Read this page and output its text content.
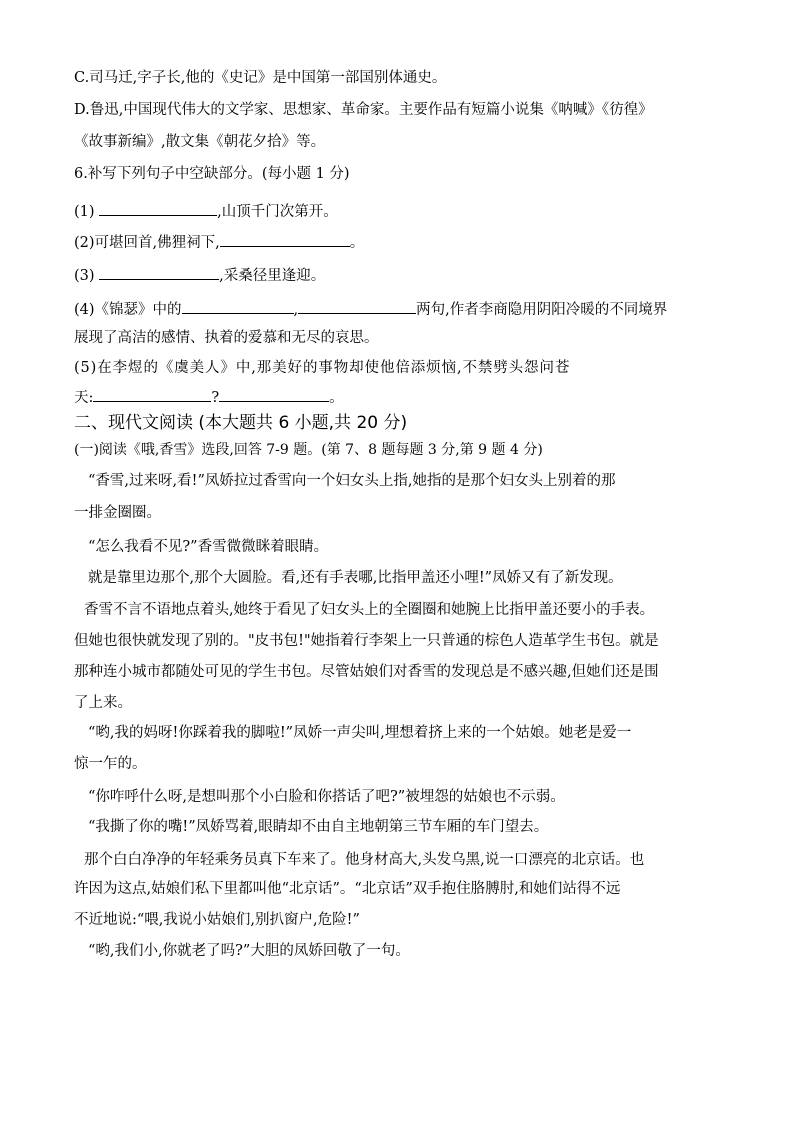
C.司马迁,字子长,他的《史记》是中国第一部国别体通史。
D.鲁迅,中国现代伟大的文学家、思想家、革命家。主要作品有短篇小说集《呐喊》《彷徨》
《故事新编》,散文集《朝花夕拾》等。
6.补写下列句子中空缺部分。(每小题 1 分)
(1)	,山顶千门次第开。
(2)可堪回首,佛狸祠下,	。
(3)	,采桑径里逢迎。
(4)《锦瑟》中的	,	两句,作者李商隐用阴阳冷暖的不同境界
展现了高洁的感情、执着的爱慕和无尽的哀思。
(5)在李煜的《虞美人》中,那美好的事物却使他倍添烦恼,不禁劈头怨问苍
天:	?	。
二、现代文阅读 (本大题共 6 小题,共 20 分)
(一)阅读《哦,香雪》选段,回答 7-9 题。(第 7、8 题每题 3 分,第 9 题 4 分)
“香雪,过来呀,看!”凤娇拉过香雪向一个妇女头上指,她指的是那个妇女头上别着的那
一排金圈圈。
“怎么我看不见?”香雪微微眯着眼睛。
就是靠里边那个,那个大圆脸。看,还有手表哪,比指甲盖还小哩!”凤娇又有了新发现。
香雪不言不语地点着头,她终于看见了妇女头上的全圈圈和她腕上比指甲盖还要小的手表。
但她也很快就发现了别的。"皮书包!"她指着行李架上一只普通的棕色人造革学生书包。就是
那种连小城市都随处可见的学生书包。尽管姑娘们对香雪的发现总是不感兴趣,但她们还是围
了上来。
“哟,我的妈呀!你踩着我的脚啦!”凤娇一声尖叫,埋想着挤上来的一个姑娘。她老是爱一
惊一乍的。
“你咋呼什么呀,是想叫那个小白脸和你搭话了吧?”被埋怨的姑娘也不示弱。
“我撕了你的嘴!”凤娇骂着,眼睛却不由自主地朝第三节车厢的车门望去。
那个白白净净的年轻乘务员真下车来了。他身材高大,头发乌黑,说一口漂亮的北京话。也
许因为这点,姑娘们私下里都叫他“北京话”。“北京话”双手抱住胳膊肘,和她们站得不远
不近地说:“喂,我说小姑娘们,别扒窗户,危险!”
“哟,我们小,你就老了吗?”大胆的凤娇回敬了一句。
